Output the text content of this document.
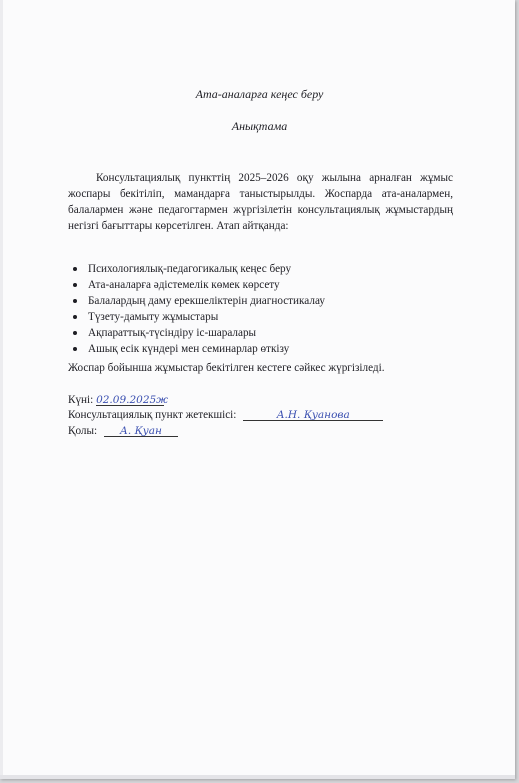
Ата-аналарға кеңес беру
Анықтама

Консультациялық пункттің 2025–2026 оқу жылына арналған жұмыс жоспары бекітіліп, мамандарға таныстырылды. Жоспарда ата-аналармен, балалармен және педагогтармен жүргізілетін консультациялық жұмыстардың негізгі бағыттары көрсетілген. Атап айтқанда:

Психологиялық-педагогикалық кеңес беру
Ата-аналарға әдістемелік көмек көрсету
Балалардың даму ерекшеліктерін диагностикалау
Түзету-дамыту жұмыстары
Ақпараттық-түсіндіру іс-шаралары
Ашық есік күндері мен семинарлар өткізу
Жоспар бойынша жұмыстар бекітілген кестеге сәйкес жүргізіледі.
Күні: 02.09.2025ж
Консультациялық пункт жетекшісі:	А.Н. Қуанова
Қолы: А. Қуан
